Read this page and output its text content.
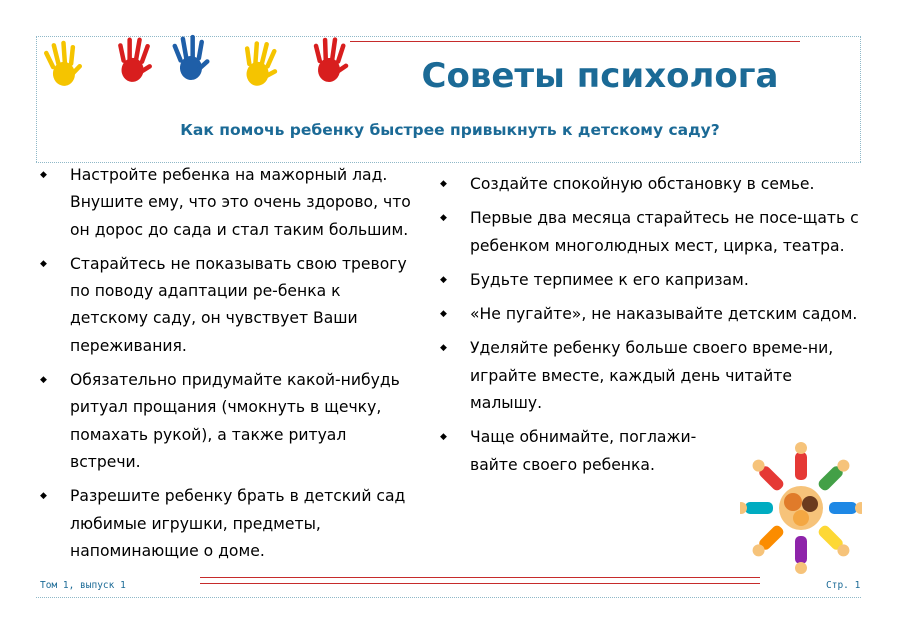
Советы психолога
Как помочь ребенку быстрее привыкнуть к детскому саду?
◆ Настройте ребенка на мажорный лад. Внушите ему, что это очень здорово, что он дорос до сада и стал таким большим.
◆ Старайтесь не показывать свою тревогу по поводу адаптации ре-бенка к детскому саду, он чувствует Ваши переживания.
◆ Обязательно придумайте какой-нибудь ритуал прощания (чмокнуть в щечку, помахать рукой), а также ритуал встречи.
◆ Разрешите ребенку брать в детский сад любимые игрушки, предметы, напоминающие о доме.
◆ Создайте спокойную обстановку в семье.
◆ Первые два месяца старайтесь не посе-щать с ребенком многолюдных мест, цирка, театра.
◆ Будьте терпимее к его капризам.
◆ «Не пугайте», не наказывайте детским садом.
◆ Уделяйте ребенку больше своего време-ни, играйте вместе, каждый день читайте малышу.
◆ Чаще обнимайте, поглажи-вайте своего ребенка.
Том 1, выпуск 1	Стр. 1
